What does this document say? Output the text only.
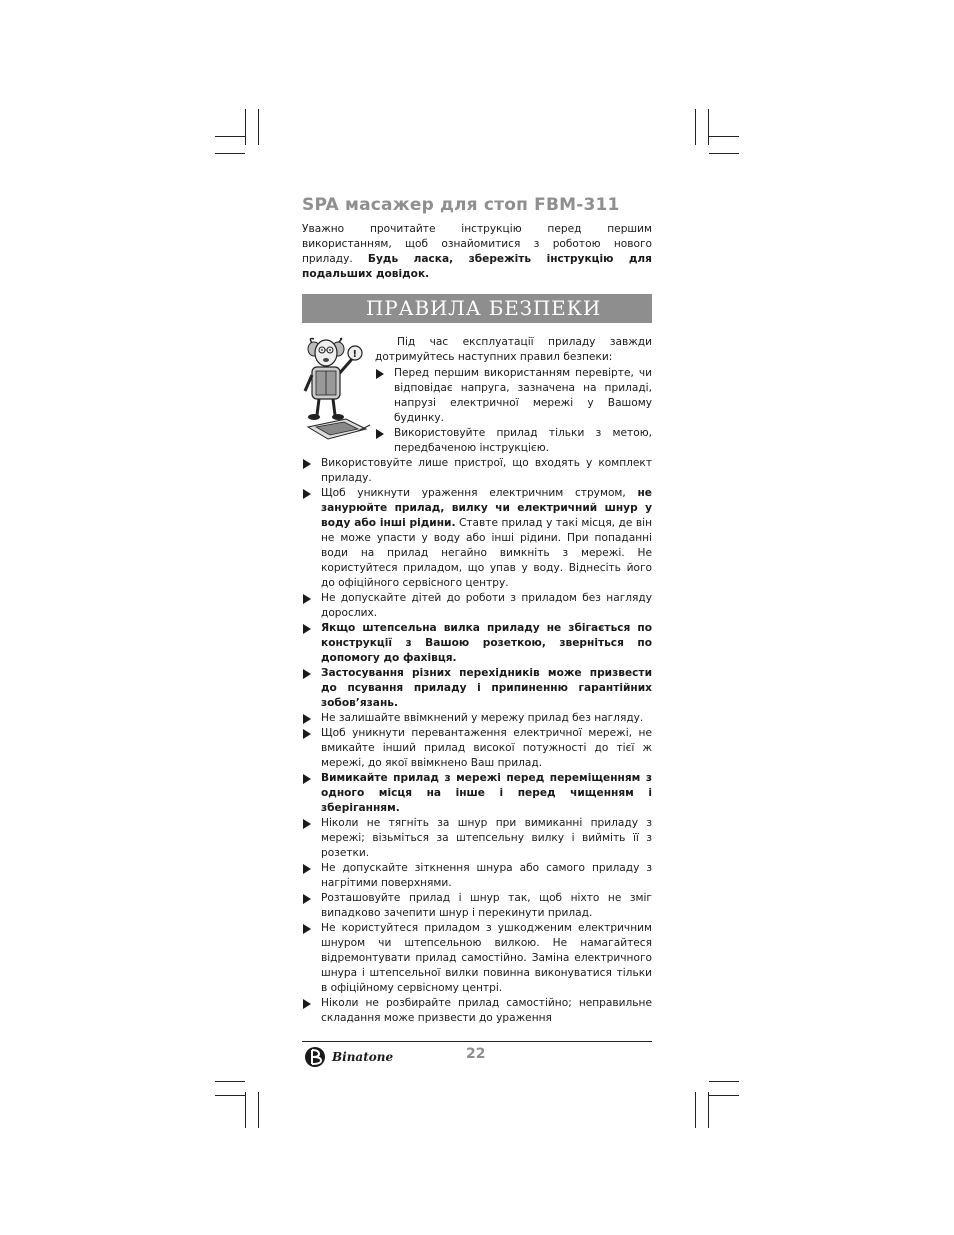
SPA масажер для стоп FBM-311

Уважно прочитайте інструкцію перед першим використанням, щоб ознайомитися з роботою нового приладу. Будь ласка, збережіть інструкцію для подальших довідок.

ПРАВИЛА БЕЗПЕКИ
!

Під час експлуатації приладу завжди дотримуйтесь наступних правил безпеки:

Перед першим використанням перевірте, чи відповідає напруга, зазначена на приладі, напрузі електричної мережі у Вашому будинку.
Використовуйте прилад тільки з метою, передбаченою інструкцією.
Використовуйте лише пристрої, що входять у комплект приладу.
Щоб уникнути ураження електричним струмом, не занурюйте прилад, вилку чи електричний шнур у воду або інші рідини. Ставте прилад у такі місця, де він не може упасти у воду або інші рідини. При попаданні води на прилад негайно вимкніть з мережі. Не користуйтеся приладом, що упав у воду. Віднесіть його до офіційного сервісного центру.
Не допускайте дітей до роботи з приладом без нагляду дорослих.
Якщо штепсельна вилка приладу не збігається по конструкції з Вашою розеткою, зверніться по допомогу до фахівця.
Застосування різних перехідників може призвести до псування приладу і припиненню гарантійних зобов’язань.
Не залишайте ввімкнений у мережу прилад без нагляду.
Щоб уникнути перевантаження електричної мережі, не вмикайте інший прилад високої потужності до тієї ж мережі, до якої ввімкнено Ваш прилад.
Вимикайте прилад з мережі перед переміщенням з одного місця на інше і перед чищенням і зберіганням.
Ніколи не тягніть за шнур при вимиканні приладу з мережі; візьміться за штепсельну вилку і вийміть її з розетки.
Не допускайте зіткнення шнура або самого приладу з нагрітими поверхнями.
Розташовуйте прилад і шнур так, щоб ніхто не зміг випадково зачепити шнур і перекинути прилад.
Не користуйтеся приладом з ушкодженим електричним шнуром чи штепсельною вилкою. Не намагайтеся відремонтувати прилад самостійно. Заміна електричного шнура і штепсельної вилки повинна виконуватися тільки в офіційному сервісному центрі.
Ніколи не розбирайте прилад самостійно; неправильне складання може призвести до ураження
Binatone	22
